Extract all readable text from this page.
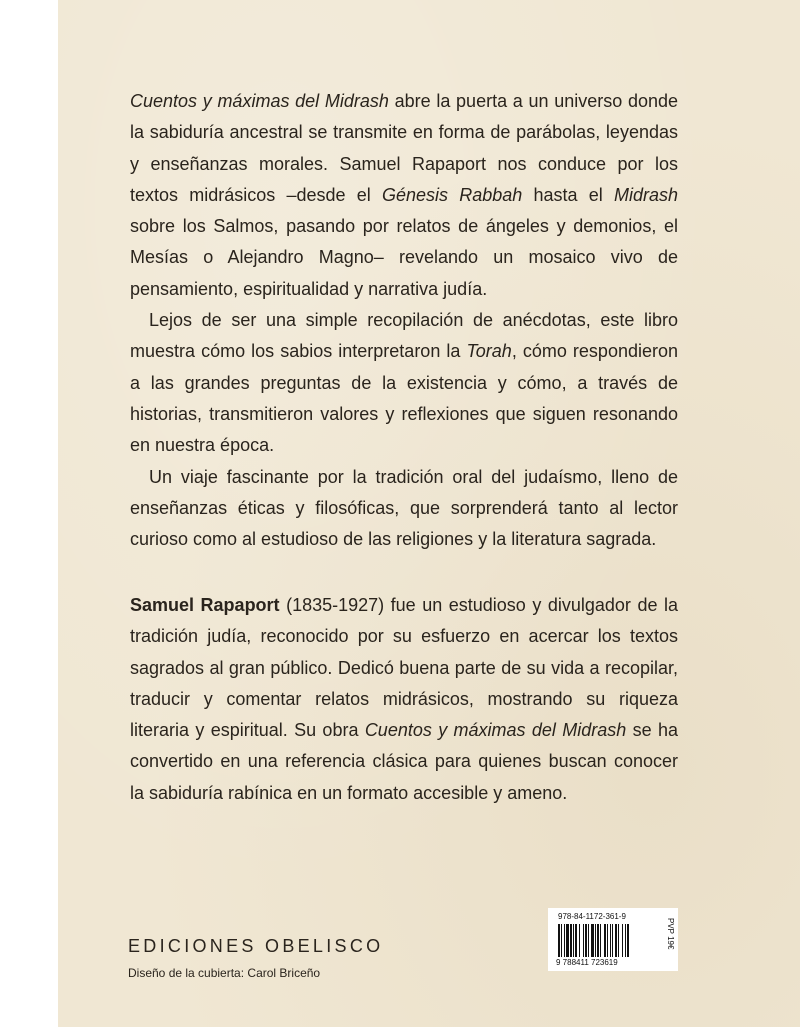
Cuentos y máximas del Midrash abre la puerta a un universo donde la sabiduría ancestral se transmite en forma de parábolas, leyendas y enseñanzas morales. Samuel Rapaport nos conduce por los textos midrásicos –desde el Génesis Rabbah hasta el Midrash sobre los Salmos, pasando por relatos de ángeles y demonios, el Mesías o Alejandro Magno– revelando un mosaico vivo de pensamiento, espiritualidad y narrativa judía.

Lejos de ser una simple recopilación de anécdotas, este libro muestra cómo los sabios interpretaron la Torah, cómo respondieron a las grandes preguntas de la existencia y cómo, a través de historias, transmitieron valores y reflexiones que siguen resonando en nuestra época.

Un viaje fascinante por la tradición oral del judaísmo, lleno de enseñanzas éticas y filosóficas, que sorprenderá tanto al lector curioso como al estudioso de las religiones y la literatura sagrada.

Samuel Rapaport (1835-1927) fue un estudioso y divulgador de la tradición judía, reconocido por su esfuerzo en acercar los textos sagrados al gran público. Dedicó buena parte de su vida a recopilar, traducir y comentar relatos midrásicos, mostrando su riqueza literaria y espiritual. Su obra Cuentos y máximas del Midrash se ha convertido en una referencia clásica para quienes buscan conocer la sabiduría rabínica en un formato accesible y ameno.

EDICIONES OBELISCO
Diseño de la cubierta: Carol Briceño
978-84-1172-361-9
9 788411 723619
PVP 19€
